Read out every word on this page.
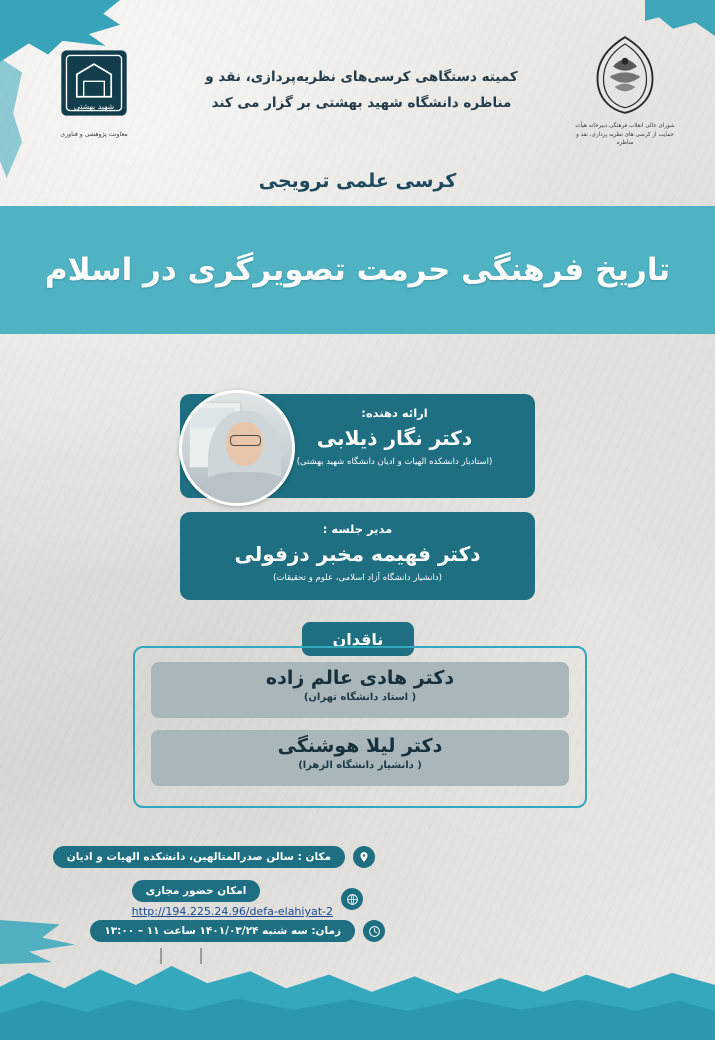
شورای عالی انقلاب فرهنگی دبیرخانه هیأت حمایت از کرسی های نظریه پردازی، نقد و مناظره
کمیته دستگاهی کرسی‌های نظریه‌پردازی، نقد و
مناظره دانشگاه شهید بهشتی بر گزار می کند
شهید بهشتی
معاونت پژوهشی و فناوری
کرسی علمی ترویجی
تاریخ فرهنگی حرمت تصویرگری در اسلام
ارائه دهنده:
دکتر نگار ذیلابی
(استادیار دانشکده الهیات و ادیان دانشگاه شهید بهشتی)
مدیر جلسه :
دکتر فهیمه مخبر دزفولی
(دانشیار دانشگاه آزاد اسلامی، علوم و تحقیقات)
ناقدان
دکتر هادی عالم زاده
( استاد دانشگاه تهران)
دکتر لیلا هوشنگی
( دانشیار دانشگاه الزهرا)
مکان : سالن صدرالمتالهین، دانشکده الهیات و ادیان
امکان حضور مجازی
http://194.225.24.96/defa-elahiyat-2
زمان: سه شنبه ۱۴۰۱/۰۳/۲۴ ساعت ۱۱ – ۱۳:۰۰
